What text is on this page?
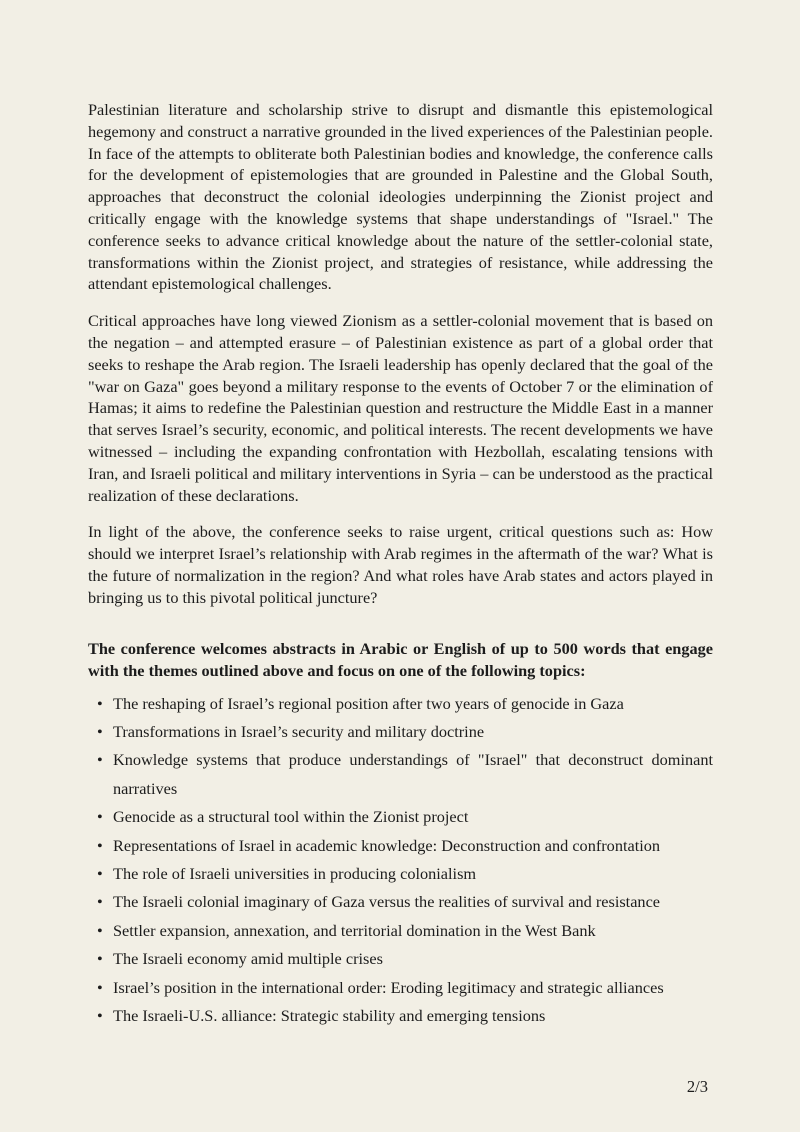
Palestinian literature and scholarship strive to disrupt and dismantle this epistemological hegemony and construct a narrative grounded in the lived experiences of the Palestinian people. In face of the attempts to obliterate both Palestinian bodies and knowledge, the conference calls for the development of epistemologies that are grounded in Palestine and the Global South, approaches that deconstruct the colonial ideologies underpinning the Zionist project and critically engage with the knowledge systems that shape understandings of "Israel." The conference seeks to advance critical knowledge about the nature of the settler-colonial state, transformations within the Zionist project, and strategies of resistance, while addressing the attendant epistemological challenges.

Critical approaches have long viewed Zionism as a settler-colonial movement that is based on the negation – and attempted erasure – of Palestinian existence as part of a global order that seeks to reshape the Arab region. The Israeli leadership has openly declared that the goal of the "war on Gaza" goes beyond a military response to the events of October 7 or the elimination of Hamas; it aims to redefine the Palestinian question and restructure the Middle East in a manner that serves Israel’s security, economic, and political interests. The recent developments we have witnessed – including the expanding confrontation with Hezbollah, escalating tensions with Iran, and Israeli political and military interventions in Syria – can be understood as the practical realization of these declarations.

In light of the above, the conference seeks to raise urgent, critical questions such as: How should we interpret Israel’s relationship with Arab regimes in the aftermath of the war? What is the future of normalization in the region? And what roles have Arab states and actors played in bringing us to this pivotal political juncture?

The conference welcomes abstracts in Arabic or English of up to 500 words that engage with the themes outlined above and focus on one of the following topics:

• The reshaping of Israel’s regional position after two years of genocide in Gaza
• Transformations in Israel’s security and military doctrine
• Knowledge systems that produce understandings of "Israel" that deconstruct dominant narratives
• Genocide as a structural tool within the Zionist project
• Representations of Israel in academic knowledge: Deconstruction and confrontation
• The role of Israeli universities in producing colonialism
• The Israeli colonial imaginary of Gaza versus the realities of survival and resistance
• Settler expansion, annexation, and territorial domination in the West Bank
• The Israeli economy amid multiple crises
• Israel’s position in the international order: Eroding legitimacy and strategic alliances
• The Israeli-U.S. alliance: Strategic stability and emerging tensions
2/3
